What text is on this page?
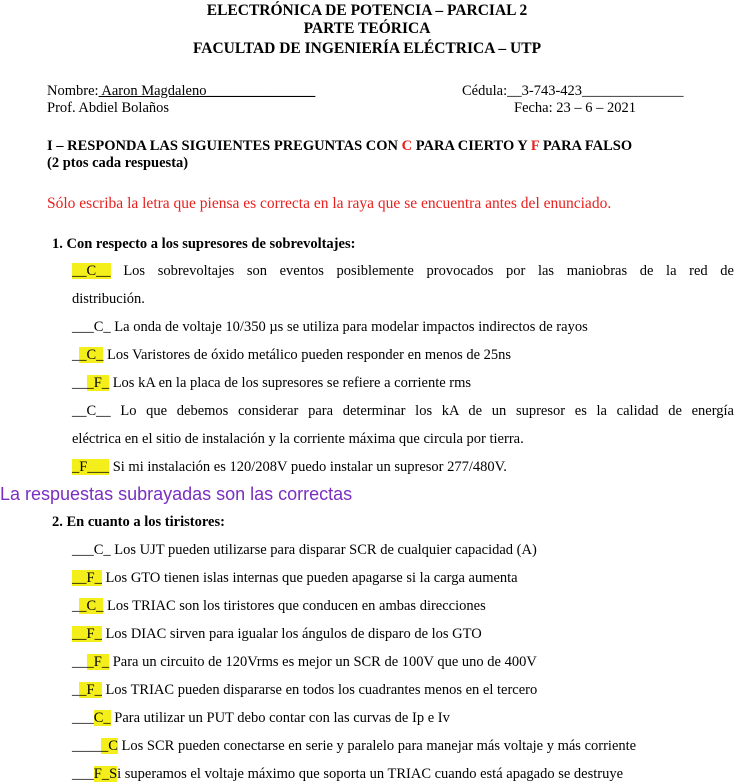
ELECTRÓNICA DE POTENCIA – PARCIAL 2
PARTE TEÓRICA
FACULTAD DE INGENIERÍA ELÉCTRICA – UTP
Nombre: Aaron Magdaleno_______________	Cédula:__3-743-423______________
Prof. Abdiel Bolaños	Fecha: 23 – 6 – 2021
I – RESPONDA LAS SIGUIENTES PREGUNTAS CON C PARA CIERTO Y F PARA FALSO
(2 ptos cada respuesta)
Sólo escriba la letra que piensa es correcta en la raya que se encuentra antes del enunciado.
1. Con respecto a los supresores de sobrevoltajes:
__C__ Los sobrevoltajes son eventos posiblemente provocados por las maniobras de la red de
distribución.
___C_ La onda de voltaje 10/350 µs se utiliza para modelar impactos indirectos de rayos
__C_ Los Varistores de óxido metálico pueden responder en menos de 25ns
___F_ Los kA en la placa de los supresores se refiere a corriente rms
__C__ Lo que debemos considerar para determinar los kA de un supresor es la calidad de energía
eléctrica en el sitio de instalación y la corriente máxima que circula por tierra.
_F___ Si mi instalación es 120/208V puedo instalar un supresor 277/480V.
La respuestas subrayadas son las correctas
2. En cuanto a los tiristores:
___C_ Los UJT pueden utilizarse para disparar SCR de cualquier capacidad (A)
__F_ Los GTO tienen islas internas que pueden apagarse si la carga aumenta
__C_ Los TRIAC son los tiristores que conducen en ambas direcciones
__F_ Los DIAC sirven para igualar los ángulos de disparo de los GTO
___F_ Para un circuito de 120Vrms es mejor un SCR de 100V que uno de 400V
__F_ Los TRIAC pueden dispararse en todos los cuadrantes menos en el tercero
___C_ Para utilizar un PUT debo contar con las curvas de Ip e Iv
_____C Los SCR pueden conectarse en serie y paralelo para manejar más voltaje y más corriente
___F_Si superamos el voltaje máximo que soporta un TRIAC cuando está apagado se destruye
